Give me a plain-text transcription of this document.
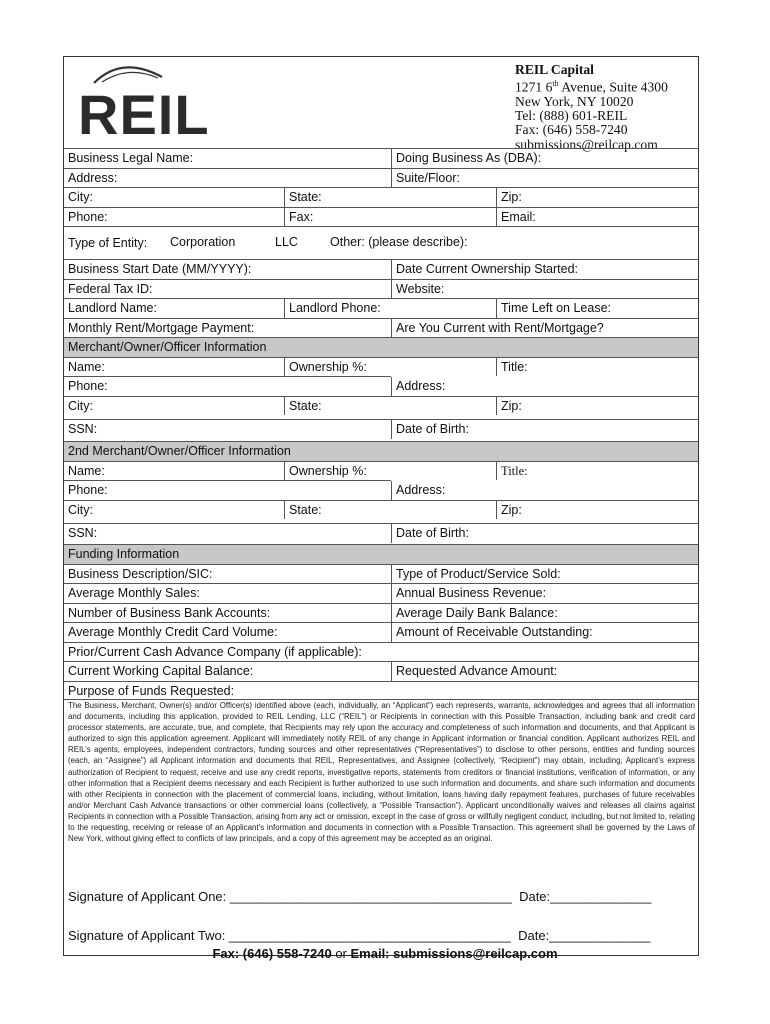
REIL
REIL Capital
1271 6th Avenue, Suite 4300
New York, NY 10020
Tel: (888) 601-REIL
Fax: (646) 558-7240
submissions@reilcap.com
Business Legal Name:	Doing Business As (DBA):
Address:	Suite/Floor:
City:	State:	Zip:
Phone:	Fax:	Email:
Type of Entity:	Corporation	LLC	Other: (please describe):
Business Start Date (MM/YYYY):	Date Current Ownership Started:
Federal Tax ID:	Website:
Landlord Name:	Landlord Phone:	Time Left on Lease:
Monthly Rent/Mortgage Payment:	Are You Current with Rent/Mortgage?
Merchant/Owner/Officer Information
Name:	Ownership %:	Title:
Phone:	Address:
City:	State:	Zip:
SSN:	Date of Birth:
2nd Merchant/Owner/Officer Information
Name:	Ownership %:	Title:
Phone:	Address:
City:	State:	Zip:
SSN:	Date of Birth:
Funding Information
Business Description/SIC:	Type of Product/Service Sold:
Average Monthly Sales:	Annual Business Revenue:
Number of Business Bank Accounts:	Average Daily Bank Balance:
Average Monthly Credit Card Volume:	Amount of Receivable Outstanding:
Prior/Current Cash Advance Company (if applicable):
Current Working Capital Balance:	Requested Advance Amount:
Purpose of Funds Requested:
The Business, Merchant, Owner(s) and/or Officer(s) identified above (each, individually, an “Applicant”) each represents, warrants, acknowledges and agrees that all information and documents, including this application, provided to REIL Lending, LLC (“REIL”) or Recipients in connection with this Possible Transaction, including bank and credit card processor statements, are accurate, true, and complete, that Recipients may rely upon the accuracy and completeness of such information and documents, and that Applicant is authorized to sign this application agreement. Applicant will immediately notify REIL of any change in Applicant information or financial condition. Applicant authorizes REIL and REIL’s agents, employees, independent contractors, funding sources and other representatives (“Representatives”) to disclose to other persons, entities and funding sources (each, an “Assignee”) all Applicant information and documents that REIL, Representatives, and Assignee (collectively, “Recipient”) may obtain, including, Applicant’s express authorization of Recipient to request, receive and use any credit reports, investigative reports, statements from creditors or financial institutions, verification of information, or any other information that a Recipient deems necessary and each Recipient is further authorized to use such information and documents, and share such information and documents with other Recipients in connection with the placement of commercial loans, including, without limitation, loans having daily repayment features, purchases of future receivables and/or Merchant Cash Advance transactions or other commercial loans (collectively, a “Possible Transaction”). Applicant unconditionally waives and releases all claims against Recipients in connection with a Possible Transaction, arising from any act or omission, except in the case of gross or willfully negligent conduct, including, but not limited to, relating to the requesting, receiving or release of an Applicant’s information and documents in connection with a Possible Transaction. This agreement shall be governed by the Laws of New York, without giving effect to conflicts of law principals, and a copy of this agreement may be accepted as an original.
Signature of Applicant One: _______________________________________  Date:______________
Signature of Applicant Two: _______________________________________  Date:______________
Fax: (646) 558-7240 or Email: submissions@reilcap.com
